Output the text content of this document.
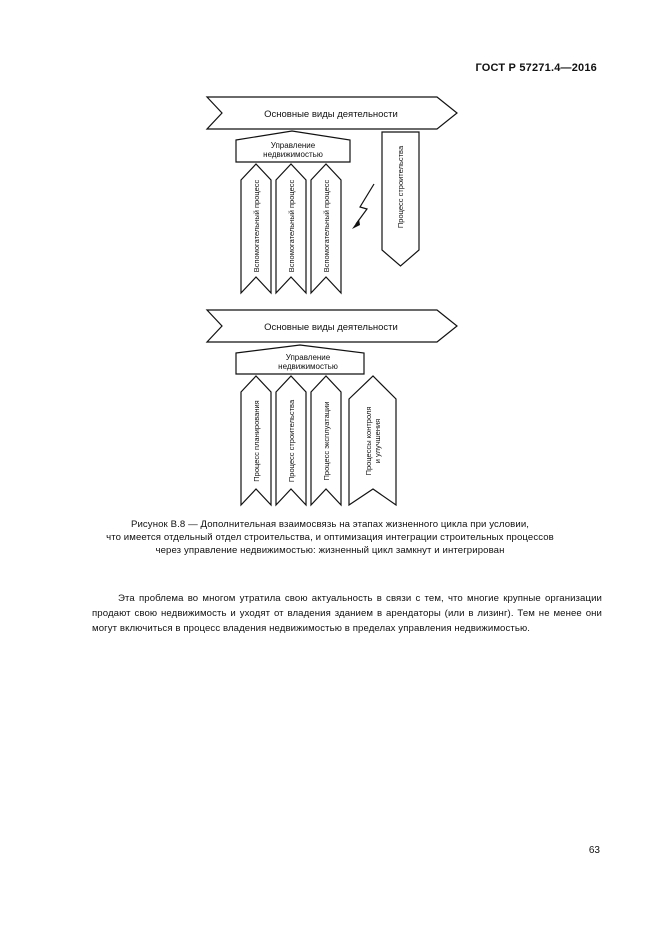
ГОСТ Р 57271.4—2016
Основные виды деятельности
Управление
недвижимостью
Вспомогательный процесс	Вспомогательный процесс	Вспомогательный процесс	Процесс строительства
Основные виды деятельности
Управление
недвижимостью
Процесс планирования	Процесс строительства	Процесс эксплуатации	Процессы контроля и улучшения
Рисунок В.8 — Дополнительная взаимосвязь на этапах жизненного цикла при условии,
что имеется отдельный отдел строительства, и оптимизация интеграции строительных процессов
через управление недвижимостью: жизненный цикл замкнут и интегрирован
Эта проблема во многом утратила свою актуальность в связи с тем, что многие крупные организации продают свою недвижимость и уходят от владения зданием в арендаторы (или в лизинг). Тем не менее они могут включиться в процесс владения недвижимостью в пределах управления недвижимостью.
63
